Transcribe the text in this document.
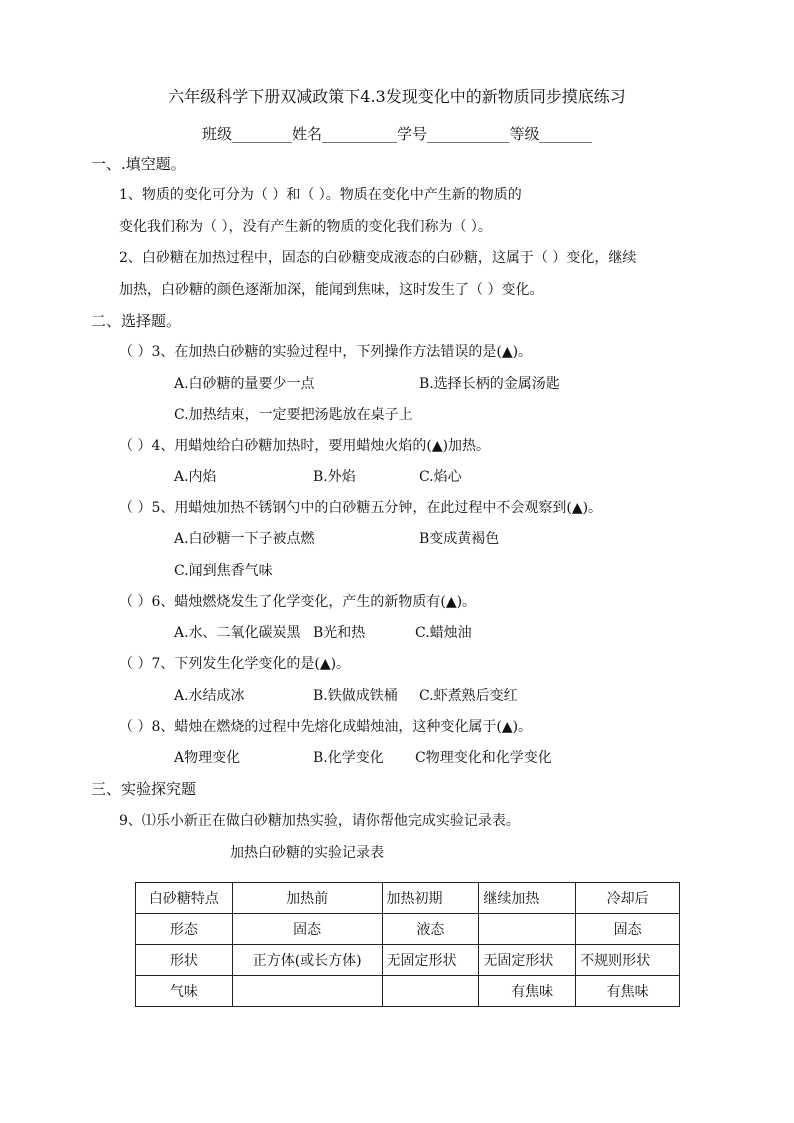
六年级科学下册双减政策下4.3发现变化中的新物质同步摸底练习
班级________姓名__________学号___________等级_______
一、.填空题。
1、物质的变化可分为（ ）和（ ）。物质在变化中产生新的物质的
变化我们称为（ ），没有产生新的物质的变化我们称为（ ）。
2、白砂糖在加热过程中，固态的白砂糖变成液态的白砂糖，这属于（ ）变化，继续
加热，白砂糖的颜色逐渐加深，能闻到焦味，这时发生了（ ）变化。
二、选择题。
（ ）3、在加热白砂糖的实验过程中，下列操作方法错误的是(▲)。
A.白砂糖的量要少一点	B.选择长柄的金属汤匙
C.加热结束，一定要把汤匙放在桌子上
（ ）4、用蜡烛给白砂糖加热时，要用蜡烛火焰的(▲)加热。
A.内焰	B.外焰	C.焰心
（ ）5、用蜡烛加热不锈钢勺中的白砂糖五分钟，在此过程中不会观察到(▲)。
A.白砂糖一下子被点燃	B变成黄褐色
C.闻到焦香气味
（ ）6、蜡烛燃烧发生了化学变化，产生的新物质有(▲)。
A.水、二氧化碳炭黑 B光和热	C.蜡烛油
（ ）7、下列发生化学变化的是(▲)。
A.水结成冰	B.铁做成铁桶 C.虾煮熟后变红
（ ）8、蜡烛在燃烧的过程中先熔化成蜡烛油，这种变化属于(▲)。
A物理变化	B.化学变化 C物理变化和化学变化
三、实验探究题
9、⑴乐小新正在做白砂糖加热实验，请你帮他完成实验记录表。
加热白砂糖的实验记录表
白砂糖特点	加热前	加热初期	继续加热	冷却后
形态	固态	液态		固态
形状	正方体(或长方体)	无固定形状	无固定形状	不规则形状
气味			有焦味	有焦味
